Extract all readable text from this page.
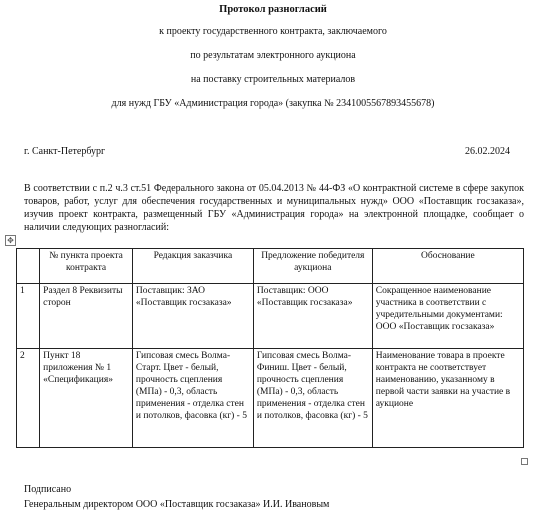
Протокол разногласий
к проекту государственного контракта, заключаемого
по результатам электронного аукциона
на поставку строительных материалов
для нужд ГБУ «Администрация города» (закупка № 2341005567893455678)
г. Санкт-Петербург	26.02.2024
В соответствии с п.2 ч.3 ст.51 Федерального закона от 05.04.2013 № 44-ФЗ «О контрактной системе в сфере закупок товаров, работ, услуг для обеспечения государственных и муниципальных нужд» ООО «Поставщик госзаказа», изучив проект контракта, размещенный ГБУ «Администрация города» на электронной площадке, сообщает о наличии следующих разногласий:
✥
	№ пункта проекта контракта	Редакция заказчика	Предложение победителя аукциона	Обоснование
1	Раздел 8 Реквизиты сторон	Поставщик: ЗАО «Поставщик госзаказа»	Поставщик: ООО «Поставщик госзаказа»	Сокращенное наименование участника в соответствии с учредительными документами: ООО «Поставщик госзаказа»
2	Пункт 18 приложения № 1 «Спецификация»	Гипсовая смесь Волма-Старт. Цвет - белый, прочность сцепления (МПа) - 0,3, область применения - отделка стен и потолков, фасовка (кг) - 5	Гипсовая смесь Волма-Финиш. Цвет - белый, прочность сцепления (МПа) - 0,3, область применения - отделка стен и потолков, фасовка (кг) - 5	Наименование товара в проекте контракта не соответствует наименованию, указанному в первой части заявки на участие в аукционе
Подписано
Генеральным директором ООО «Поставщик госзаказа» И.И. Ивановым
